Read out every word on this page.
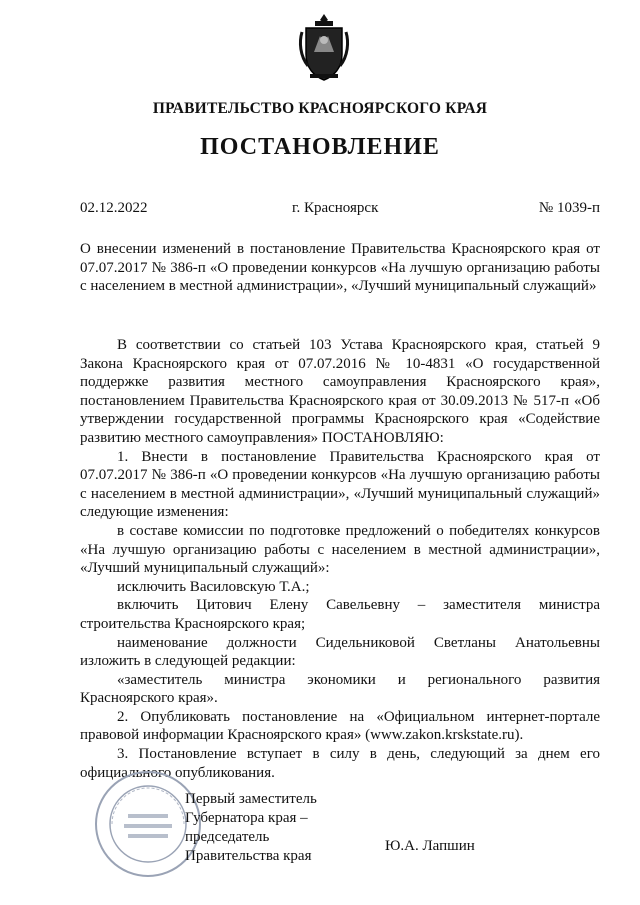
ПРАВИТЕЛЬСТВО КРАСНОЯРСКОГО КРАЯ
ПОСТАНОВЛЕНИЕ
02.12.2022	г. Красноярск	№ 1039-п
О внесении изменений в постановление Правительства Красноярского края от 07.07.2017 № 386-п «О проведении конкурсов «На лучшую организацию работы с населением в местной администрации», «Лучший муниципальный служащий»

В соответствии со статьей 103 Устава Красноярского края, статьей 9 Закона Красноярского края от 07.07.2016 № 10-4831 «О государственной поддержке развития местного самоуправления Красноярского края», постановлением Правительства Красноярского края от 30.09.2013 № 517-п «Об утверждении государственной программы Красноярского края «Содействие развитию местного самоуправления» ПОСТАНОВЛЯЮ:

1. Внести в постановление Правительства Красноярского края от 07.07.2017 № 386-п «О проведении конкурсов «На лучшую организацию работы с населением в местной администрации», «Лучший муниципальный служащий» следующие изменения:

в составе комиссии по подготовке предложений о победителях конкурсов «На лучшую организацию работы с населением в местной администрации», «Лучший муниципальный служащий»:

исключить Василовскую Т.А.;

включить Цитович Елену Савельевну – заместителя министра строительства Красноярского края;

наименование должности Сидельниковой Светланы Анатольевны изложить в следующей редакции:

«заместитель министра экономики и регионального развития Красноярского края».

2. Опубликовать постановление на «Официальном интернет-портале правовой информации Красноярского края» (www.zakon.krskstate.ru).

3. Постановление вступает в силу в день, следующий за днем его официального опубликования.

Первый заместитель
Губернатора края –
председатель
Правительства края
Ю.А. Лапшин
